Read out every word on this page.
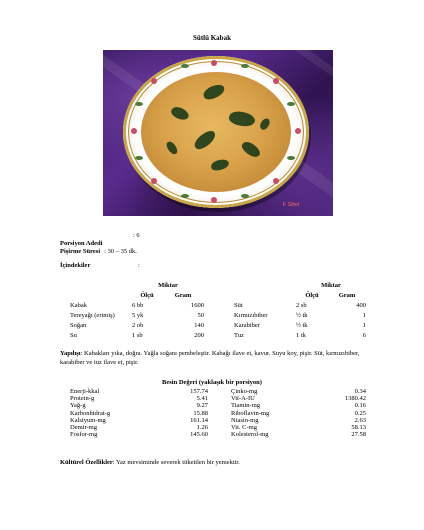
Sütlü Kabak
F. Sibel
Porsiyon Adedi
: 6
Pişirme Süresi : 30 – 35 dk.
İçindekiler	:
	Miktar	
	Ölçü	Gram
Kabak	6 bb	1600
Tereyağı (erimiş)	5 yk	50
Soğan	2 ob	140
Su	1 sb	200
	Miktar	
	Ölçü	Gram
Süt	2 sb	400
Kırmızıbiber	½ tk	1
Karabiber	½ tk	1
Tuz	1 tk	6
Yapılışı: Kabakları yıka, doğra. Yağla soğanı pembeleştir. Kabağı ilave et, kavur. Suyu koy, pişir. Süt, kırmızıbiber, karabiber ve tuz ilave et, pişir.
Besin Değeri (yaklaşık bir porsiyon)
Enerji-kkal	157.74
Protein-g	5.41
Yağ-g	9.27
Karbonhidrat-g	15.88
Kalsiyum-mg	161.14
Demir-mg	1.26
Fosfor-mg	145.60
Çinko-mg	0.34
Vit-A-IU	1380.42
Tiamin-mg	0.16
Riboflavin-mg	0.25
Niasin-mg	2.63
Vit. C-mg	58.13
Kolesterol-mg	27.58
Kültürel Özellikler: Yaz mevsiminde severek tüketilen bir yemektir.
